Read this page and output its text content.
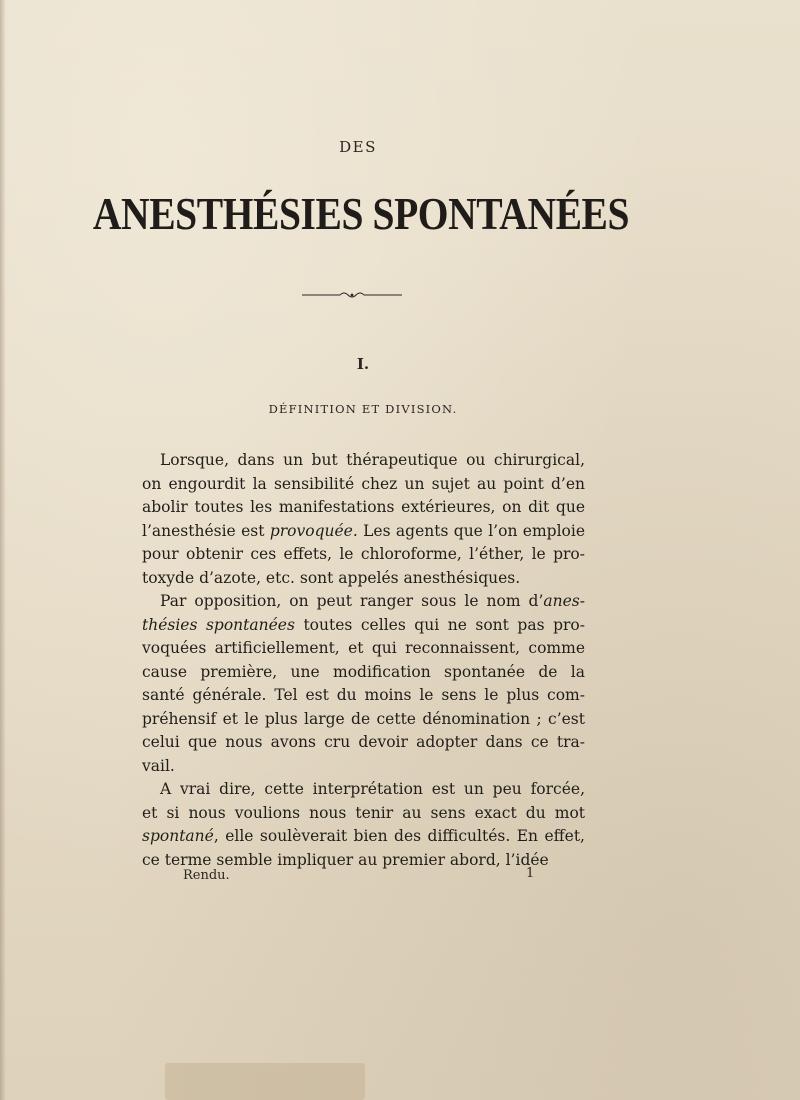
DES
ANESTHÉSIES SPONTANÉES
I.
DÉFINITION ET DIVISION.
Lorsque, dans un but thérapeutique ou chirurgical,
on engourdit la sensibilité chez un sujet au point d’en
abolir toutes les manifestations extérieures, on dit que
l’anesthésie est provoquée. Les agents que l’on emploie
pour obtenir ces effets, le chloroforme, l’éther, le pro-
toxyde d’azote, etc. sont appelés anesthésiques.
Par opposition, on peut ranger sous le nom d’anes-
thésies spontanées toutes celles qui ne sont pas pro-
voquées artificiellement, et qui reconnaissent, comme
cause première, une modification spontanée de la
santé générale. Tel est du moins le sens le plus com-
préhensif et le plus large de cette dénomination ; c’est
celui que nous avons cru devoir adopter dans ce tra-
vail.
A vrai dire, cette interprétation est un peu forcée,
et si nous voulions nous tenir au sens exact du mot
spontané, elle soulèverait bien des difficultés. En effet,
ce terme semble impliquer au premier abord, l’idée
Rendu.	1
